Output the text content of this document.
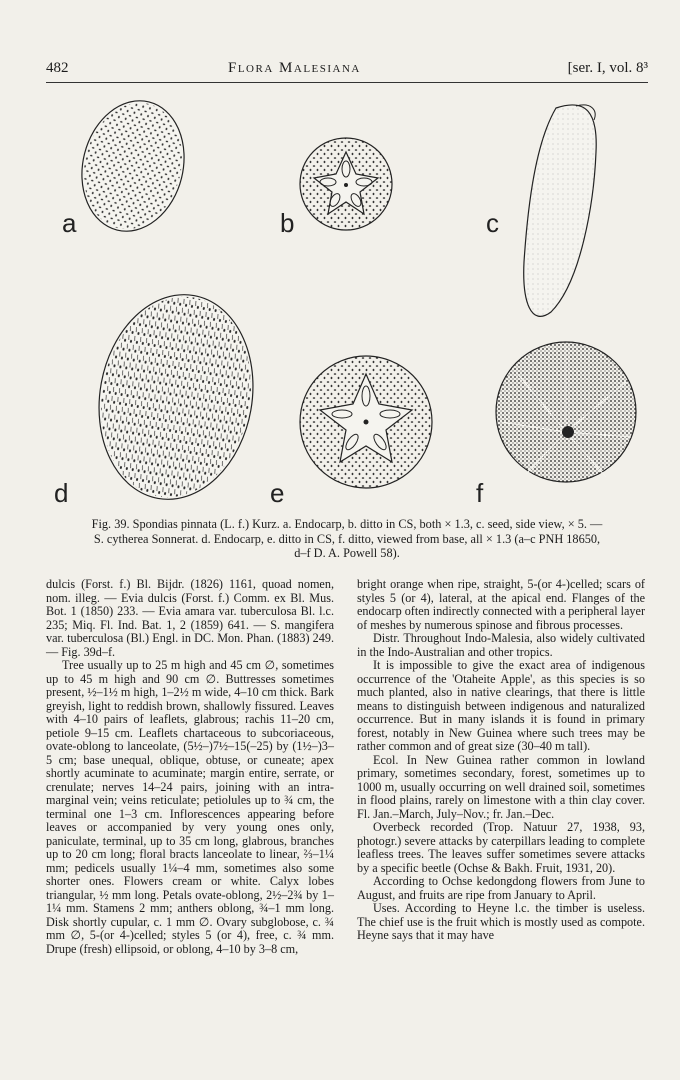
482	Flora Malesiana	[ser. I, vol. 8³
a	b	c
d	e	f
Fig. 39. Spondias pinnata (L. f.) Kurz. a. Endocarp, b. ditto in CS, both × 1.3, c. seed, side view, × 5. —
S. cytherea Sonnerat. d. Endocarp, e. ditto in CS, f. ditto, viewed from base, all × 1.3 (a–c PNH 18650,
d–f D. A. Powell 58).

dulcis (Forst. f.) Bl. Bijdr. (1826) 1161, quoad nomen, nom. illeg. — Evia dulcis (Forst. f.) Comm. ex Bl. Mus. Bot. 1 (1850) 233. — Evia amara var. tuberculosa Bl. l.c. 235; Miq. Fl. Ind. Bat. 1, 2 (1859) 641. — S. mangifera var. tuberculosa (Bl.) Engl. in DC. Mon. Phan. (1883) 249. — Fig. 39d–f.

Tree usually up to 25 m high and 45 cm ∅, sometimes up to 45 m high and 90 cm ∅. Buttresses sometimes present, ½–1½ m high, 1–2½ m wide, 4–10 cm thick. Bark greyish, light to reddish brown, shallowly fissured. Leaves with 4–10 pairs of leaflets, glabrous; rachis 11–20 cm, petiole 9–15 cm. Leaflets chartaceous to subcoriaceous, ovate-oblong to lanceolate, (5½–)7½–15(–25) by (1½–)3–5 cm; base unequal, oblique, obtuse, or cuneate; apex shortly acuminate to acuminate; margin entire, serrate, or crenulate; nerves 14–24 pairs, joining with an intra-marginal vein; veins reticulate; petiolules up to ¾ cm, the terminal one 1–3 cm. Inflorescences appearing before leaves or accompanied by very young ones only, paniculate, terminal, up to 35 cm long, glabrous, branches up to 20 cm long; floral bracts lanceolate to linear, ⅔–1¼ mm; pedicels usually 1¼–4 mm, sometimes also some shorter ones. Flowers cream or white. Calyx lobes triangular, ½ mm long. Petals ovate-oblong, 2½–2¾ by 1–1¼ mm. Stamens 2 mm; anthers oblong, ¾–1 mm long. Disk shortly cupular, c. 1 mm ∅. Ovary subglobose, c. ¾ mm ∅, 5-(or 4-)celled; styles 5 (or 4), free, c. ¾ mm. Drupe (fresh) ellipsoid, or oblong, 4–10 by 3–8 cm,

bright orange when ripe, straight, 5-(or 4-)celled; scars of styles 5 (or 4), lateral, at the apical end. Flanges of the endocarp often indirectly connected with a peripheral layer of meshes by numerous spinose and fibrous processes.

Distr. Throughout Indo-Malesia, also widely cultivated in the Indo-Australian and other tropics.

It is impossible to give the exact area of indigenous occurrence of the 'Otaheite Apple', as this species is so much planted, also in native clearings, that there is little means to distinguish between indigenous and naturalized occurrence. But in many islands it is found in primary forest, notably in New Guinea where such trees may be rather common and of great size (30–40 m tall).

Ecol. In New Guinea rather common in lowland primary, sometimes secondary, forest, sometimes up to 1000 m, usually occurring on well drained soil, sometimes in flood plains, rarely on limestone with a thin clay cover. Fl. Jan.–March, July–Nov.; fr. Jan.–Dec.

Overbeck recorded (Trop. Natuur 27, 1938, 93, photogr.) severe attacks by caterpillars leading to complete leafless trees. The leaves suffer sometimes severe attacks by a specific beetle (Ochse & Bakh. Fruit, 1931, 20).

According to Ochse kedongdong flowers from June to August, and fruits are ripe from January to April.

Uses. According to Heyne l.c. the timber is useless. The chief use is the fruit which is mostly used as compote. Heyne says that it may have
